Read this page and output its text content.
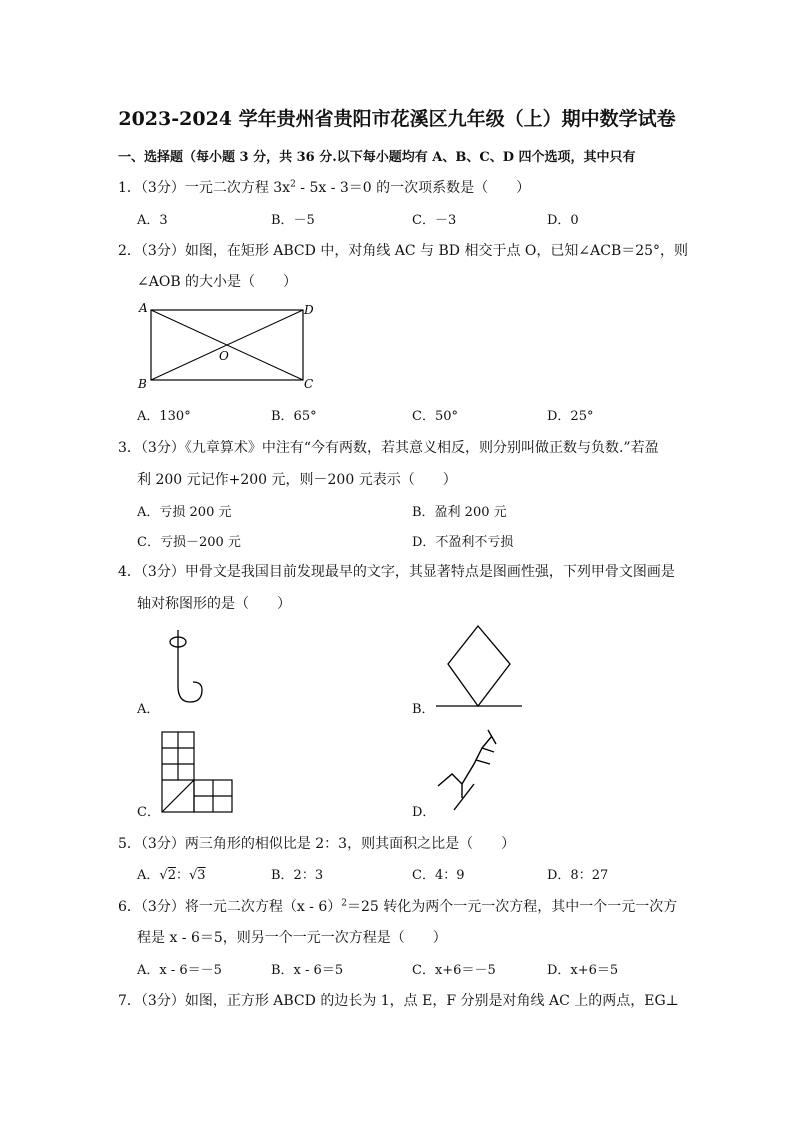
2023-2024 学年贵州省贵阳市花溪区九年级（上）期中数学试卷
一、选择题（每小题 3 分，共 36 分.以下每小题均有 A、B、C、D 四个选项，其中只有
1．（3分）一元二次方程 $3x^2 - 5x - 3=0$ 的一次项系数是（　　）
A．3	B．－5	C．－3	D．0
2．（3分）如图，在矩形 ABCD 中，对角线 AC 与 BD 相交于点 O，已知∠ACB＝25°，则
∠AOB 的大小是（　　）
A	D
O
B	C
A．130°	B．65°	C．50°	D．25°
3．（3分）《九章算术》中注有“今有两数，若其意义相反，则分别叫做正数与负数.”若盈
利 200 元记作+200 元，则－200 元表示（　　）
A．亏损 200 元	B．盈利 200 元
C．亏损－200 元	D．不盈利不亏损
4．（3分）甲骨文是我国目前发现最早的文字，其显著特点是图画性强，下列甲骨文图画是
轴对称图形的是（　　）
A．	B．
C．	D．
5．（3分）两三角形的相似比是 2：3，则其面积之比是（　　）
A．√2：√3	B．2：3	C．4：9	D．8：27
6．（3分）将一元二次方程（x - 6）$^2$＝25 转化为两个一元一次方程，其中一个一元一次方
程是 x - 6＝5，则另一个一元一次方程是（　　）
A．x - 6＝－5	B．x - 6＝5	C．x+6＝－5	D．x+6＝5
7．（3分）如图，正方形 ABCD 的边长为 1，点 E，F 分别是对角线 AC 上的两点，EG⊥
